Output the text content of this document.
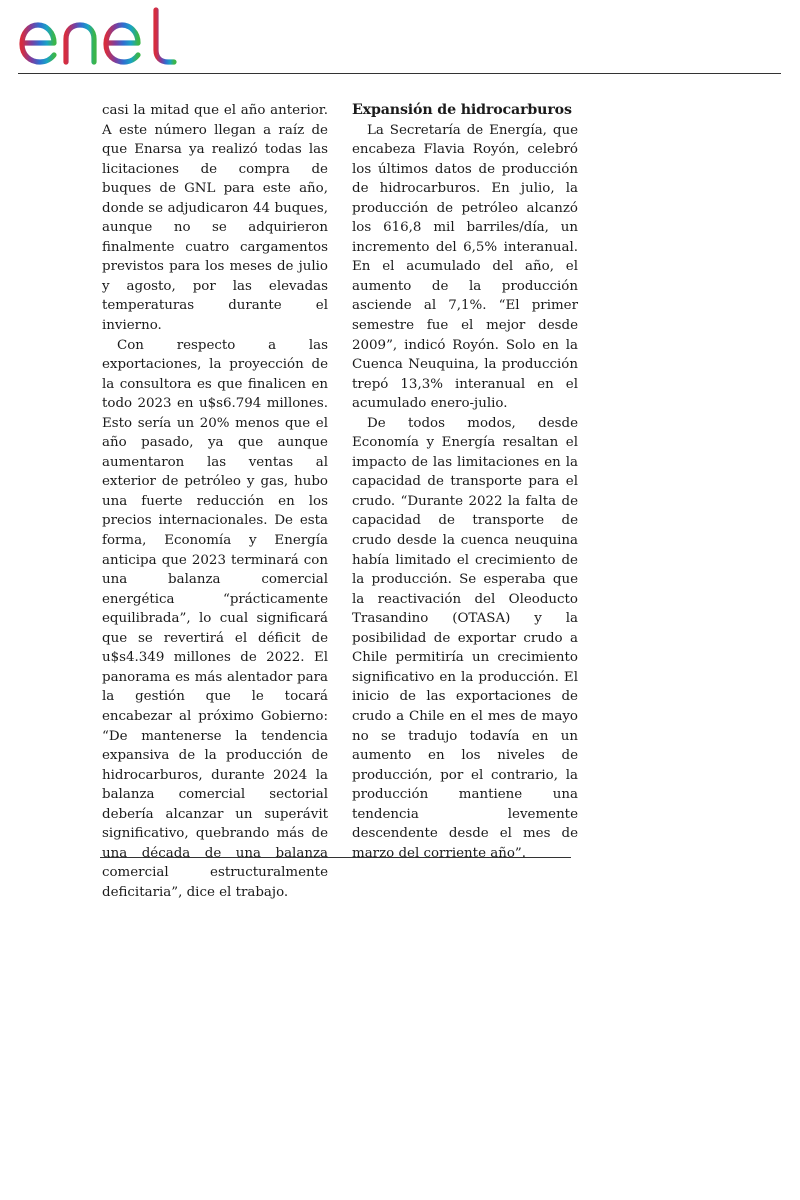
casi la mitad que el año anterior. A este número llegan a raíz de que Enarsa ya realizó todas las licitaciones de compra de buques de GNL para este año, donde se adjudicaron 44 buques, aunque no se adquirieron finalmente cuatro cargamentos previstos para los meses de julio y agosto, por las elevadas temperaturas durante el invierno.

Con respecto a las exportaciones, la proyección de la consultora es que finalicen en todo 2023 en u$s6.794 millones. Esto sería un 20% menos que el año pasado, ya que aunque aumentaron las ventas al exterior de petróleo y gas, hubo una fuerte reducción en los precios internacionales. De esta forma, Economía y Energía anticipa que 2023 terminará con una balanza comercial energética “prácticamente equilibrada”, lo cual significará que se revertirá el déficit de u$s4.349 millones de 2022. El panorama es más alentador para la gestión que le tocará encabezar al próximo Gobierno: “De mantenerse la tendencia expansiva de la producción de hidrocarburos, durante 2024 la balanza comercial sectorial debería alcanzar un superávit significativo, quebrando más de una década de una balanza comercial estructuralmente deficitaria”, dice el trabajo.

Expansión de hidrocarburos

La Secretaría de Energía, que encabeza Flavia Royón, celebró los últimos datos de producción de hidrocarburos. En julio, la producción de petróleo alcanzó los 616,8 mil barriles/día, un incremento del 6,5% interanual. En el acumulado del año, el aumento de la producción asciende al 7,1%. “El primer semestre fue el mejor desde 2009”, indicó Royón. Solo en la Cuenca Neuquina, la producción trepó 13,3% interanual en el acumulado enero-julio.

De todos modos, desde Economía y Energía resaltan el impacto de las limitaciones en la capacidad de transporte para el crudo. “Durante 2022 la falta de capacidad de transporte de crudo desde la cuenca neuquina había limitado el crecimiento de la producción. Se esperaba que la reactivación del Oleoducto Trasandino (OTASA) y la posibilidad de exportar crudo a Chile permitiría un crecimiento significativo en la producción. El inicio de las exportaciones de crudo a Chile en el mes de mayo no se tradujo todavía en un aumento en los niveles de producción, por el contrario, la producción mantiene una tendencia levemente descendente desde el mes de marzo del corriente año”.
